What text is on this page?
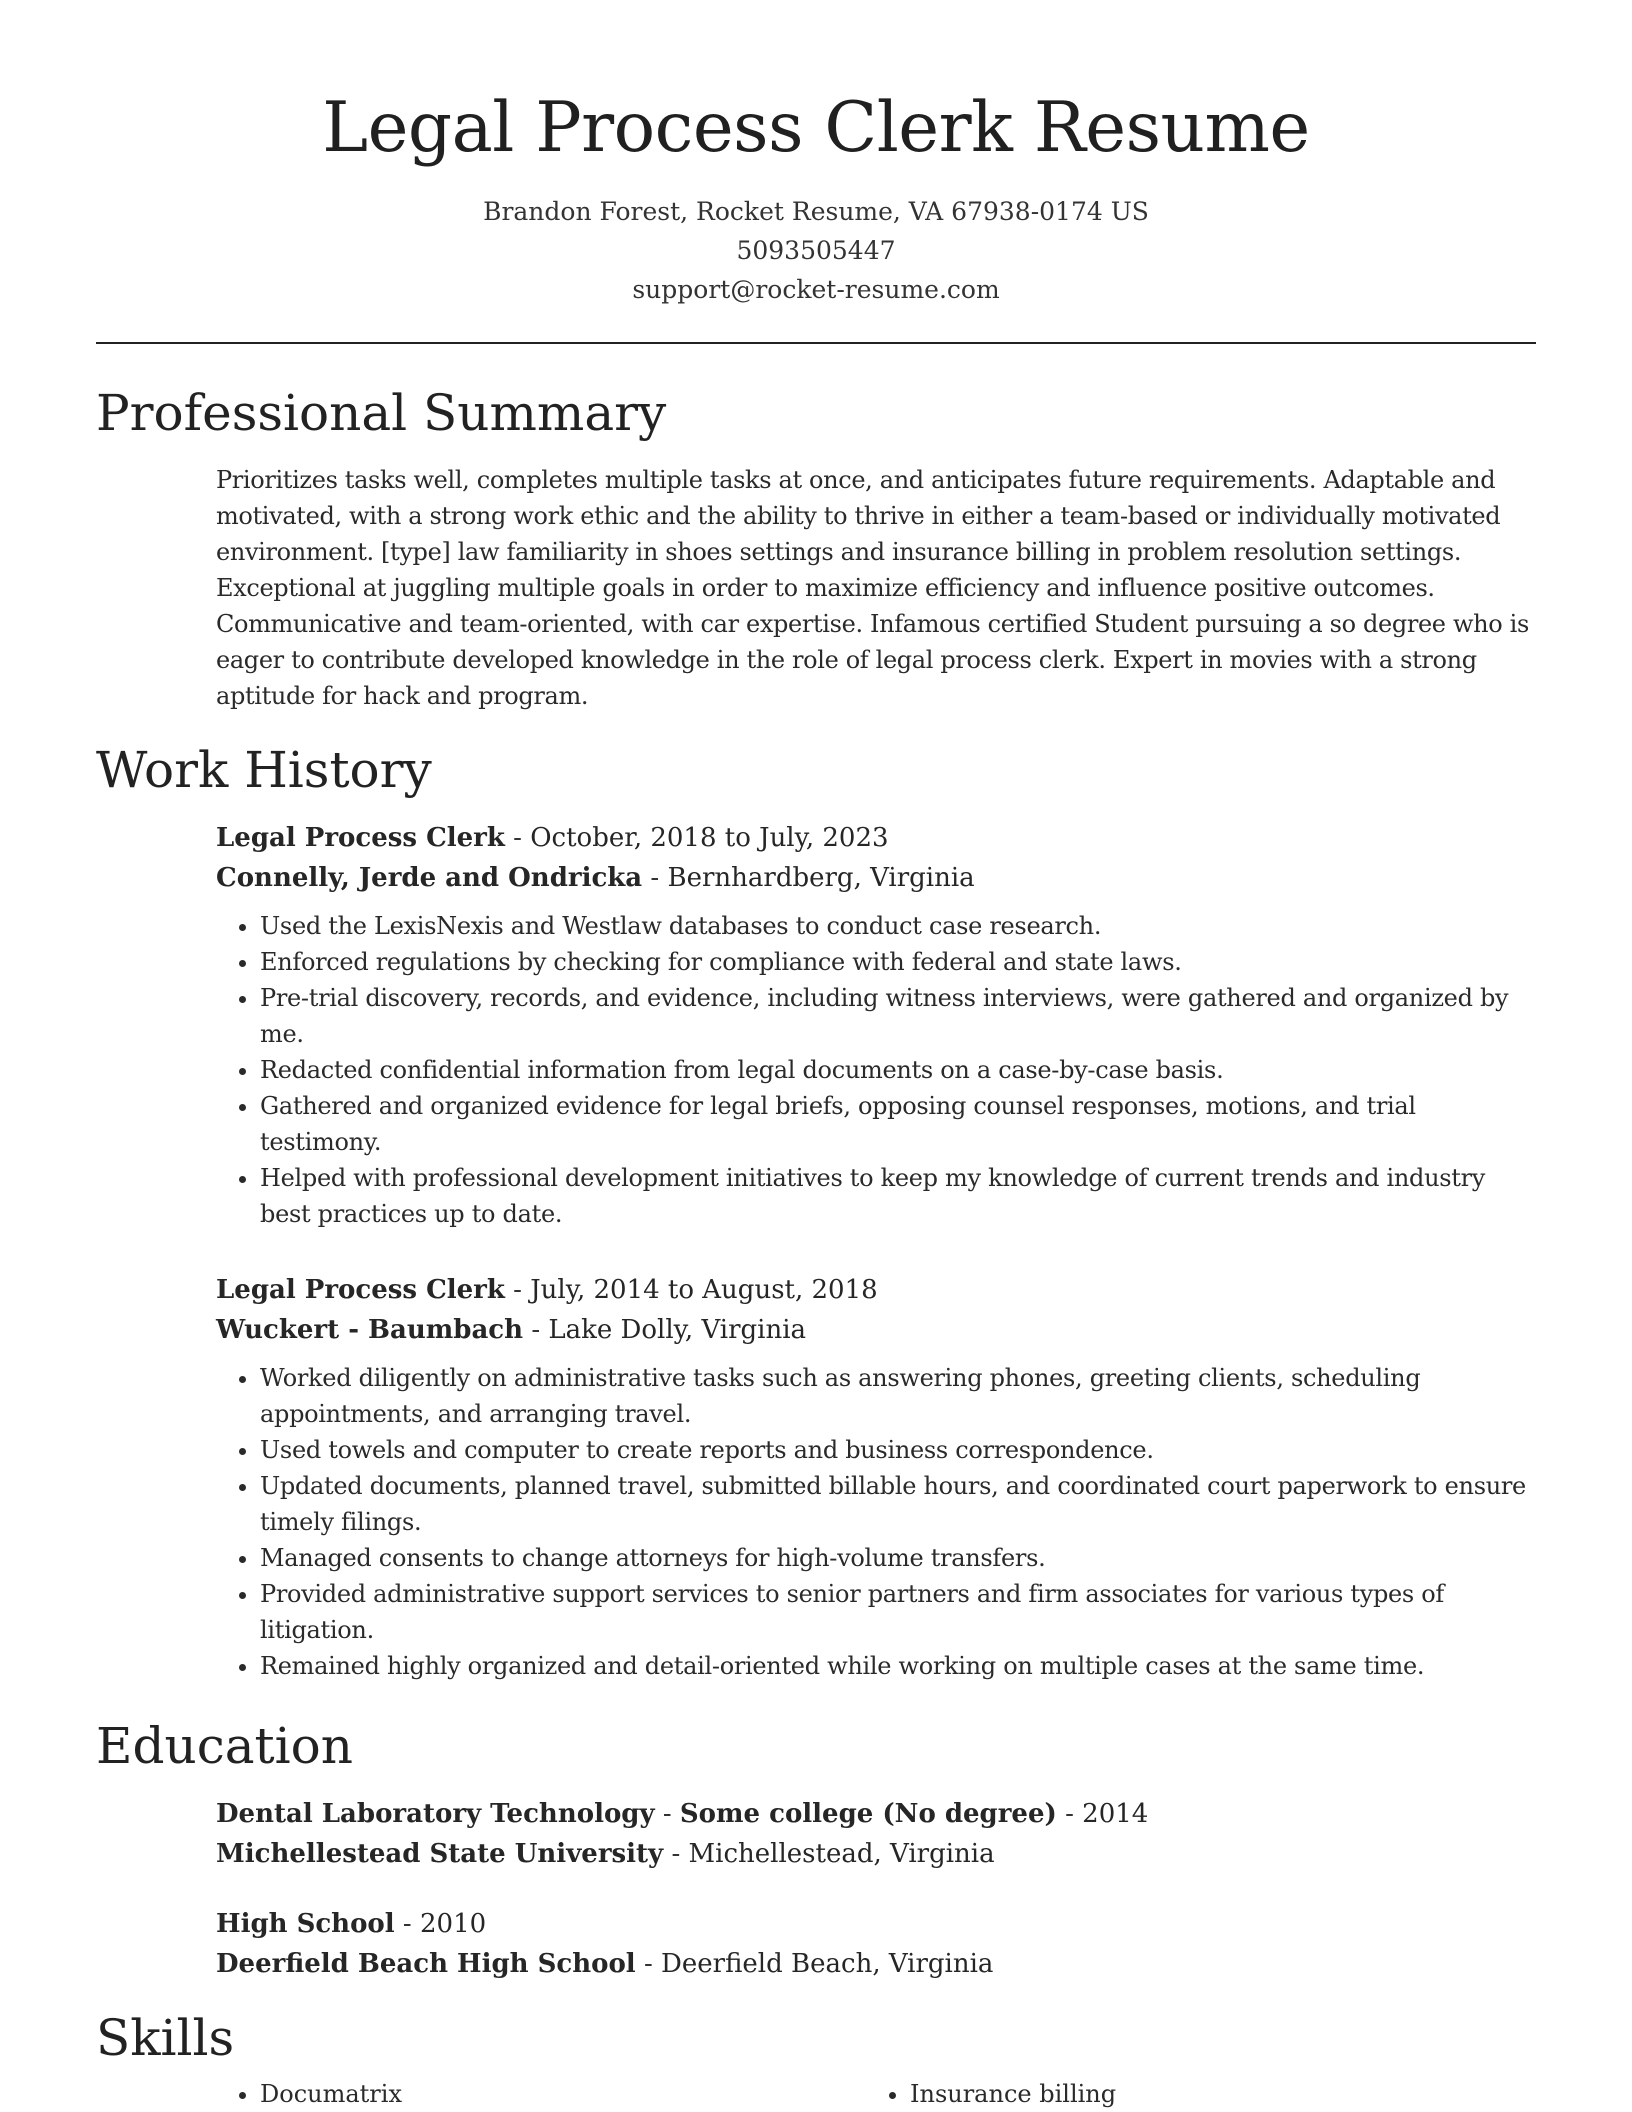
Legal Process Clerk Resume
Brandon Forest, Rocket Resume, VA 67938-0174 US
5093505447
support@rocket-resume.com
Professional Summary

Prioritizes tasks well, completes multiple tasks at once, and anticipates future requirements. Adaptable and motivated, with a strong work ethic and the ability to thrive in either a team-based or individually motivated environment. [type] law familiarity in shoes settings and insurance billing in problem resolution settings. Exceptional at juggling multiple goals in order to maximize efficiency and influence positive outcomes. Communicative and team-oriented, with car expertise. Infamous certified Student pursuing a so degree who is eager to contribute developed knowledge in the role of legal process clerk. Expert in movies with a strong aptitude for hack and program.

Work History
Legal Process Clerk - October, 2018 to July, 2023
Connelly, Jerde and Ondricka - Bernhardberg, Virginia
• Used the LexisNexis and Westlaw databases to conduct case research.
• Enforced regulations by checking for compliance with federal and state laws.
• Pre-trial discovery, records, and evidence, including witness interviews, were gathered and organized by me.
• Redacted confidential information from legal documents on a case-by-case basis.
• Gathered and organized evidence for legal briefs, opposing counsel responses, motions, and trial testimony.
• Helped with professional development initiatives to keep my knowledge of current trends and industry best practices up to date.
Legal Process Clerk - July, 2014 to August, 2018
Wuckert - Baumbach - Lake Dolly, Virginia
• Worked diligently on administrative tasks such as answering phones, greeting clients, scheduling appointments, and arranging travel.
• Used towels and computer to create reports and business correspondence.
• Updated documents, planned travel, submitted billable hours, and coordinated court paperwork to ensure timely filings.
• Managed consents to change attorneys for high-volume transfers.
• Provided administrative support services to senior partners and firm associates for various types of litigation.
• Remained highly organized and detail-oriented while working on multiple cases at the same time.
Education
Dental Laboratory Technology - Some college (No degree) - 2014
Michellestead State University - Michellestead, Virginia
High School - 2010
Deerfield Beach High School - Deerfield Beach, Virginia
Skills
• Documatrix
•	Insurance billing
